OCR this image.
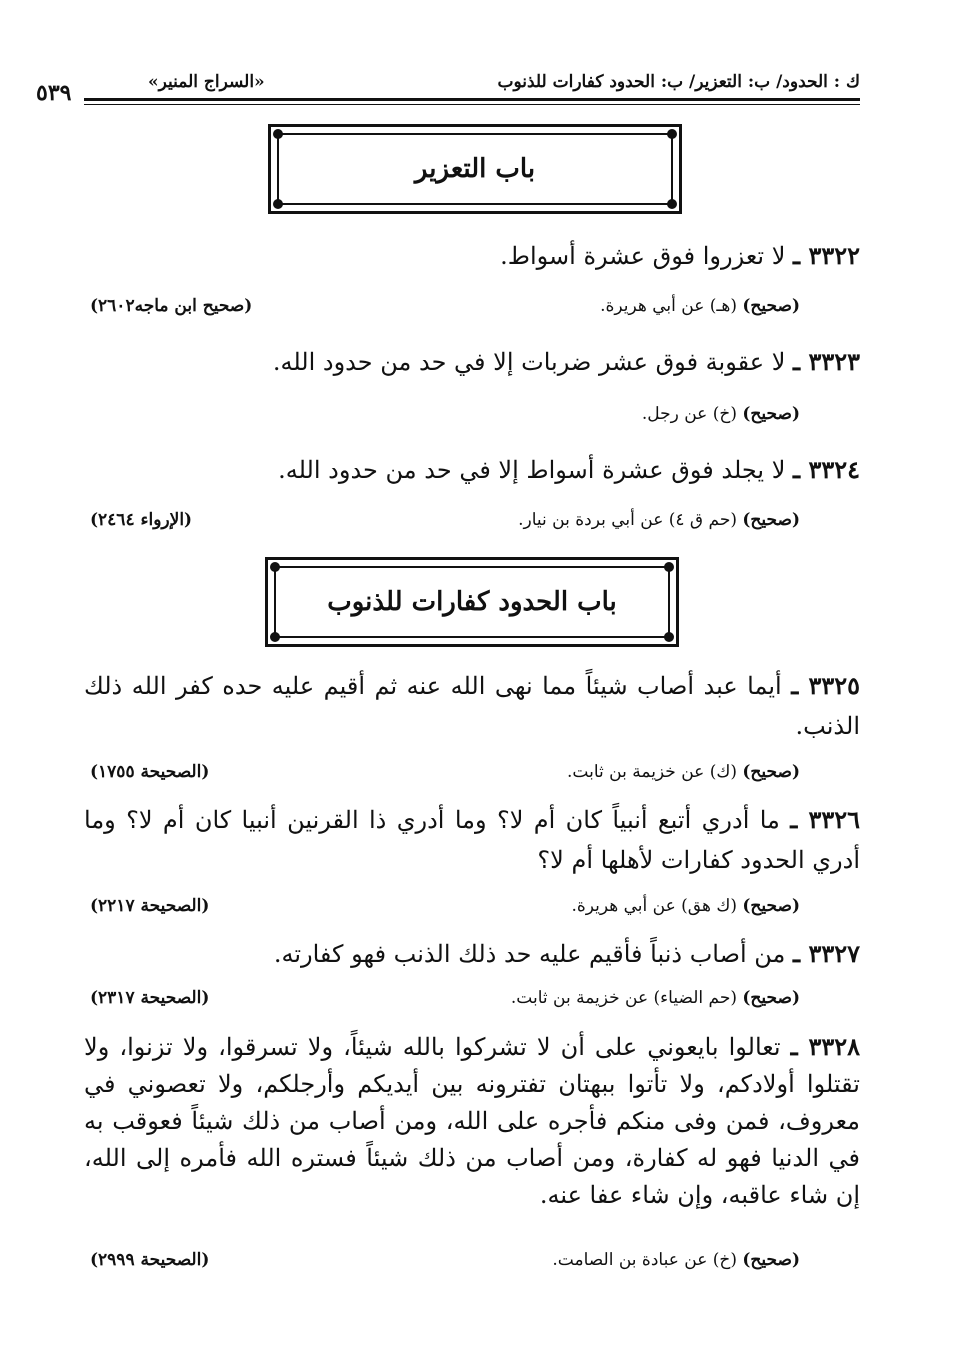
ك : الحدود/ ب: التعزير/ ب: الحدود كفارات للذنوب
«السراج المنير»
٥٣٩
باب التعزير
٣٣٢٢ ـ لا تعزروا فوق عشرة أسواط.
(صحيح) (هـ) عن أبي هريرة.
(صحيح ابن ماجه٢٦٠٢)
٣٣٢٣ ـ لا عقوبة فوق عشر ضربات إلا في حد من حدود الله.
(صحيح) (خ) عن رجل.
٣٣٢٤ ـ لا يجلد فوق عشرة أسواط إلا في حد من حدود الله.
(صحيح) (حم ق ٤) عن أبي بردة بن نيار.
(الإرواء ٢٤٦٤)
باب الحدود كفارات للذنوب
٣٣٢٥ ـ أيما عبد أصاب شيئاً مما نهى الله عنه ثم أقيم عليه حده كفر الله ذلك الذنب.
(صحيح) (ك) عن خزيمة بن ثابت.
(الصحيحة ١٧٥٥)
٣٣٢٦ ـ ما أدري أتبع أنبياً كان أم لا؟ وما أدري ذا القرنين أنبيا كان أم لا؟ وما أدري الحدود كفارات لأهلها أم لا؟
(صحيح) (ك هق) عن أبي هريرة.
(الصحيحة ٢٢١٧)
٣٣٢٧ ـ من أصاب ذنباً فأقيم عليه حد ذلك الذنب فهو كفارته.
(صحيح) (حم الضياء) عن خزيمة بن ثابت.
(الصحيحة ٢٣١٧)
٣٣٢٨ ـ تعالوا بايعوني على أن لا تشركوا بالله شيئاً، ولا تسرقوا، ولا تزنوا، ولا تقتلوا أولادكم، ولا تأتوا ببهتان تفترونه بين أيديكم وأرجلكم، ولا تعصوني في معروف، فمن وفى منكم فأجره على الله، ومن أصاب من ذلك شيئاً فعوقب به في الدنيا فهو له كفارة، ومن أصاب من ذلك شيئاً فستره الله فأمره إلى الله، إن شاء عاقبه، وإن شاء عفا عنه.
(صحيح) (خ) عن عبادة بن الصامت.
(الصحيحة ٢٩٩٩)
